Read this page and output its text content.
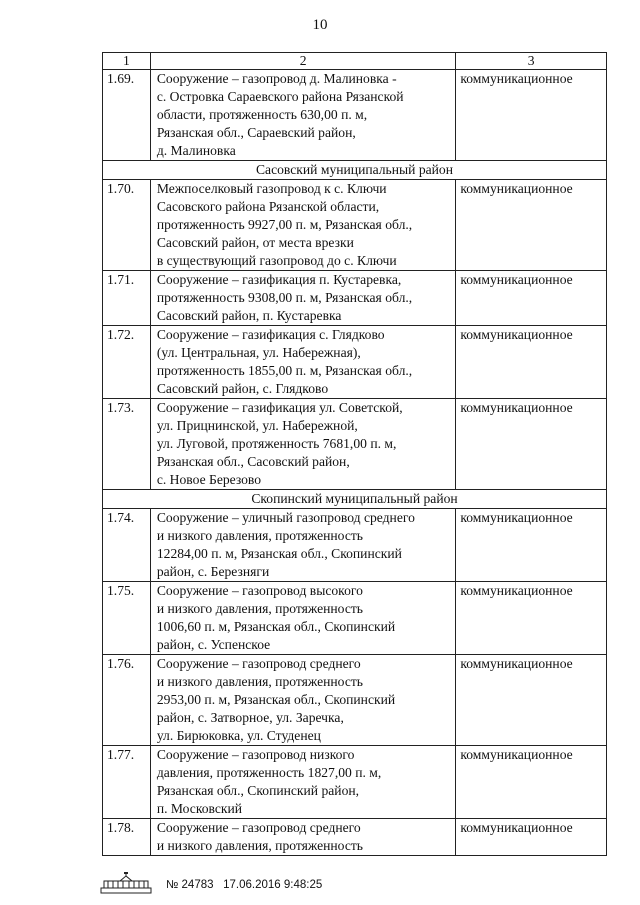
10
1	2	3
1.69.	Сооружение – газопровод д. Малиновка -
с. Островка Сараевского района Рязанской
области, протяженность 630,00 п. м,
Рязанская обл., Сараевский район,
д. Малиновка	коммуникационное
Сасовский муниципальный район		
1.70.	Межпоселковый газопровод к с. Ключи
Сасовского района Рязанской области,
протяженность 9927,00 п. м, Рязанская обл.,
Сасовский район, от места врезки
в существующий газопровод до с. Ключи	коммуникационное
1.71.	Сооружение – газификация п. Кустаревка,
протяженность 9308,00 п. м, Рязанская обл.,
Сасовский район, п. Кустаревка	коммуникационное
1.72.	Сооружение – газификация с. Глядково
(ул. Центральная, ул. Набережная),
протяженность 1855,00 п. м, Рязанская обл.,
Сасовский район, с. Глядково	коммуникационное
1.73.	Сооружение – газификация ул. Советской,
ул. Прицнинской, ул. Набережной,
ул. Луговой, протяженность 7681,00 п. м,
Рязанская обл., Сасовский район,
с. Новое Березово	коммуникационное
Скопинский муниципальный район		
1.74.	Сооружение – уличный газопровод среднего
и низкого давления, протяженность
12284,00 п. м, Рязанская обл., Скопинский
район, с. Березняги	коммуникационное
1.75.	Сооружение – газопровод высокого
и низкого давления, протяженность
1006,60 п. м, Рязанская обл., Скопинский
район, с. Успенское	коммуникационное
1.76.	Сооружение – газопровод среднего
и низкого давления, протяженность
2953,00 п. м, Рязанская обл., Скопинский
район, с. Затворное, ул. Заречка,
ул. Бирюковка, ул. Студенец	коммуникационное
1.77.	Сооружение – газопровод низкого
давления, протяженность 1827,00 п. м,
Рязанская обл., Скопинский район,
п. Московский	коммуникационное
1.78.	Сооружение – газопровод среднего
и низкого давления, протяженность	коммуникационное
№ 24783 17.06.2016 9:48:25
